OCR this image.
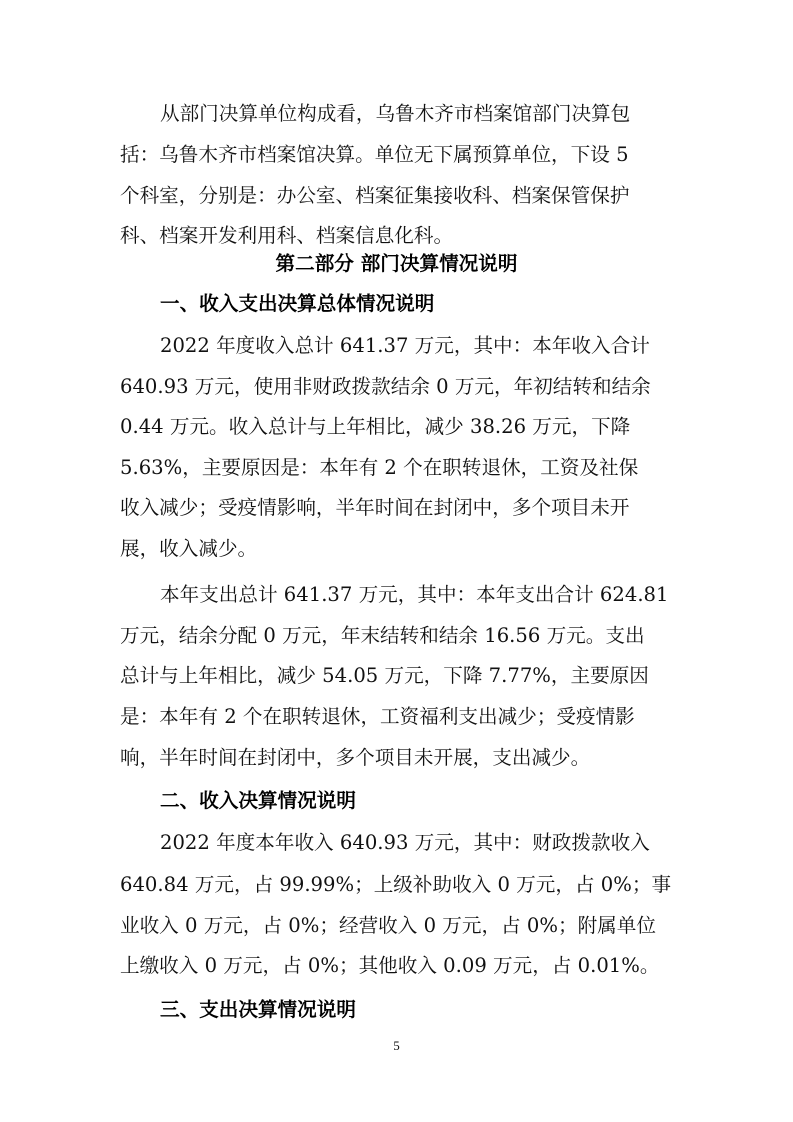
从部门决算单位构成看，乌鲁木齐市档案馆部门决算包
括：乌鲁木齐市档案馆决算。单位无下属预算单位，下设 5
个科室，分别是：办公室、档案征集接收科、档案保管保护
科、档案开发利用科、档案信息化科。
第二部分 部门决算情况说明
一、收入支出决算总体情况说明
2022 年度收入总计 641.37 万元，其中：本年收入合计
640.93 万元，使用非财政拨款结余 0 万元，年初结转和结余
0.44 万元。收入总计与上年相比，减少 38.26 万元，下降
5.63%，主要原因是：本年有 2 个在职转退休，工资及社保
收入减少；受疫情影响，半年时间在封闭中，多个项目未开
展，收入减少。
本年支出总计 641.37 万元，其中：本年支出合计 624.81
万元，结余分配 0 万元，年末结转和结余 16.56 万元。支出
总计与上年相比，减少 54.05 万元，下降 7.77%，主要原因
是：本年有 2 个在职转退休，工资福利支出减少；受疫情影
响，半年时间在封闭中，多个项目未开展，支出减少。
二、收入决算情况说明
2022 年度本年收入 640.93 万元，其中：财政拨款收入
640.84 万元，占 99.99%；上级补助收入 0 万元，占 0%；事
业收入 0 万元，占 0%；经营收入 0 万元，占 0%；附属单位
上缴收入 0 万元，占 0%；其他收入 0.09 万元，占 0.01%。
三、支出决算情况说明
5
